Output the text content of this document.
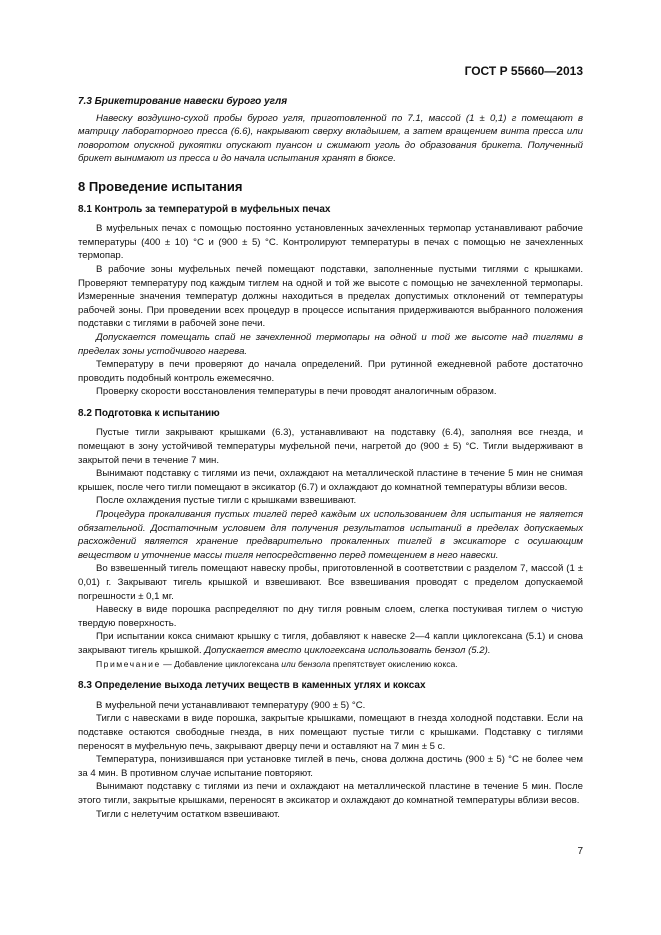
ГОСТ Р 55660—2013
7.3 Брикетирование навески бурого угля

Навеску воздушно-сухой пробы бурого угля, приготовленной по 7.1, массой (1 ± 0,1) г помещают в матрицу лабораторного пресса (6.6), накрывают сверху вкладышем, а затем вращением винта пресса или поворотом опускной рукоятки опускают пуансон и сжимают уголь до образования брикета. Полученный брикет вынимают из пресса и до начала испытания хранят в бюксе.

8 Проведение испытания
8.1 Контроль за температурой в муфельных печах

В муфельных печах с помощью постоянно установленных зачехленных термопар устанавливают рабочие температуры (400 ± 10) °C и (900 ± 5) °C. Контролируют температуры в печах с помощью не зачехленных термопар.

В рабочие зоны муфельных печей помещают подставки, заполненные пустыми тиглями с крышками. Проверяют температуру под каждым тиглем на одной и той же высоте с помощью не зачехленной термопары. Измеренные значения температур должны находиться в пределах допустимых отклонений от температуры рабочей зоны. При проведении всех процедур в процессе испытания придерживаются выбранного положения подставки с тиглями в рабочей зоне печи.

Допускается помещать спай не зачехленной термопары на одной и той же высоте над тиглями в пределах зоны устойчивого нагрева.

Температуру в печи проверяют до начала определений. При рутинной ежедневной работе достаточно проводить подобный контроль ежемесячно.

Проверку скорости восстановления температуры в печи проводят аналогичным образом.

8.2 Подготовка к испытанию

Пустые тигли закрывают крышками (6.3), устанавливают на подставку (6.4), заполняя все гнезда, и помещают в зону устойчивой температуры муфельной печи, нагретой до (900 ± 5) °C. Тигли выдерживают в закрытой печи в течение 7 мин.

Вынимают подставку с тиглями из печи, охлаждают на металлической пластине в течение 5 мин не снимая крышек, после чего тигли помещают в эксикатор (6.7) и охлаждают до комнатной температуры вблизи весов.

После охлаждения пустые тигли с крышками взвешивают.

Процедура прокаливания пустых тиглей перед каждым их использованием для испытания не является обязательной. Достаточным условием для получения результатов испытаний в пределах допускаемых расхождений является хранение предварительно прокаленных тиглей в эксикаторе с осушающим веществом и уточнение массы тигля непосредственно перед помещением в него навески.

Во взвешенный тигель помещают навеску пробы, приготовленной в соответствии с разделом 7, массой (1 ± 0,01) г. Закрывают тигель крышкой и взвешивают. Все взвешивания проводят с пределом допускаемой погрешности ± 0,1 мг.

Навеску в виде порошка распределяют по дну тигля ровным слоем, слегка постукивая тиглем о чистую твердую поверхность.

При испытании кокса снимают крышку с тигля, добавляют к навеске 2—4 капли циклогексана (5.1) и снова закрывают тигель крышкой. Допускается вместо циклогексана использовать бензол (5.2).

Примечание — Добавление циклогексана или бензола препятствует окислению кокса.

8.3 Определение выхода летучих веществ в каменных углях и коксах

В муфельной печи устанавливают температуру (900 ± 5) °C.

Тигли с навесками в виде порошка, закрытые крышками, помещают в гнезда холодной подставки. Если на подставке остаются свободные гнезда, в них помещают пустые тигли с крышками. Подставку с тиглями переносят в муфельную печь, закрывают дверцу печи и оставляют на 7 мин ± 5 с.

Температура, понизившаяся при установке тиглей в печь, снова должна достичь (900 ± 5) °C не более чем за 4 мин. В противном случае испытание повторяют.

Вынимают подставку с тиглями из печи и охлаждают на металлической пластине в течение 5 мин. После этого тигли, закрытые крышками, переносят в эксикатор и охлаждают до комнатной температуры вблизи весов.

Тигли с нелетучим остатком взвешивают.

7
